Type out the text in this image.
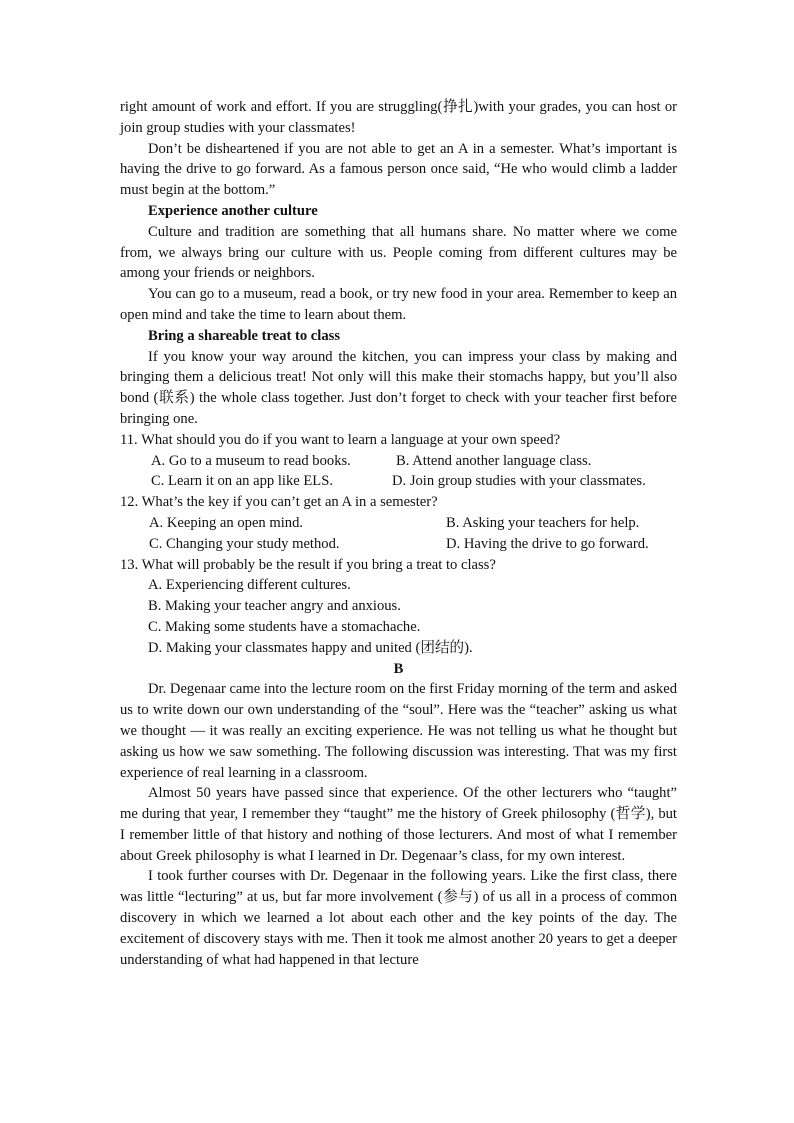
right amount of work and effort. If you are struggling(挣扎)with your grades, you can host or join group studies with your classmates!

Don’t be disheartened if you are not able to get an A in a semester. What’s important is having the drive to go forward. As a famous person once said, “He who would climb a ladder must begin at the bottom.”

Experience another culture

Culture and tradition are something that all humans share. No matter where we come from, we always bring our culture with us. People coming from different cultures may be among your friends or neighbors.

You can go to a museum, read a book, or try new food in your area. Remember to keep an open mind and take the time to learn about them.

Bring a shareable treat to class

If you know your way around the kitchen, you can impress your class by making and bringing them a delicious treat! Not only will this make their stomachs happy, but you’ll also bond (联系) the whole class together. Just don’t forget to check with your teacher first before bringing one.

11. What should you do if you want to learn a language at your own speed?

A. Go to a museum to read books.	B. Attend another language class.
C. Learn it on an app like ELS.	D. Join group studies with your classmates.

12. What’s the key if you can’t get an A in a semester?

A. Keeping an open mind.	B. Asking your teachers for help.
C. Changing your study method.	D. Having the drive to go forward.

13. What will probably be the result if you bring a treat to class?

A. Experiencing different cultures.

B. Making your teacher angry and anxious.

C. Making some students have a stomachache.

D. Making your classmates happy and united (团结的).

B

Dr. Degenaar came into the lecture room on the first Friday morning of the term and asked us to write down our own understanding of the “soul”. Here was the “teacher” asking us what we thought — it was really an exciting experience. He was not telling us what he thought but asking us how we saw something. The following discussion was interesting. That was my first experience of real learning in a classroom.

Almost 50 years have passed since that experience. Of the other lecturers who “taught” me during that year, I remember they “taught” me the history of Greek philosophy (哲学), but I remember little of that history and nothing of those lecturers. And most of what I remember about Greek philosophy is what I learned in Dr. Degenaar’s class, for my own interest.

I took further courses with Dr. Degenaar in the following years. Like the first class, there was little “lecturing” at us, but far more involvement (参与) of us all in a process of common discovery in which we learned a lot about each other and the key points of the day. The excitement of discovery stays with me. Then it took me almost another 20 years to get a deeper understanding of what had happened in that lecture
